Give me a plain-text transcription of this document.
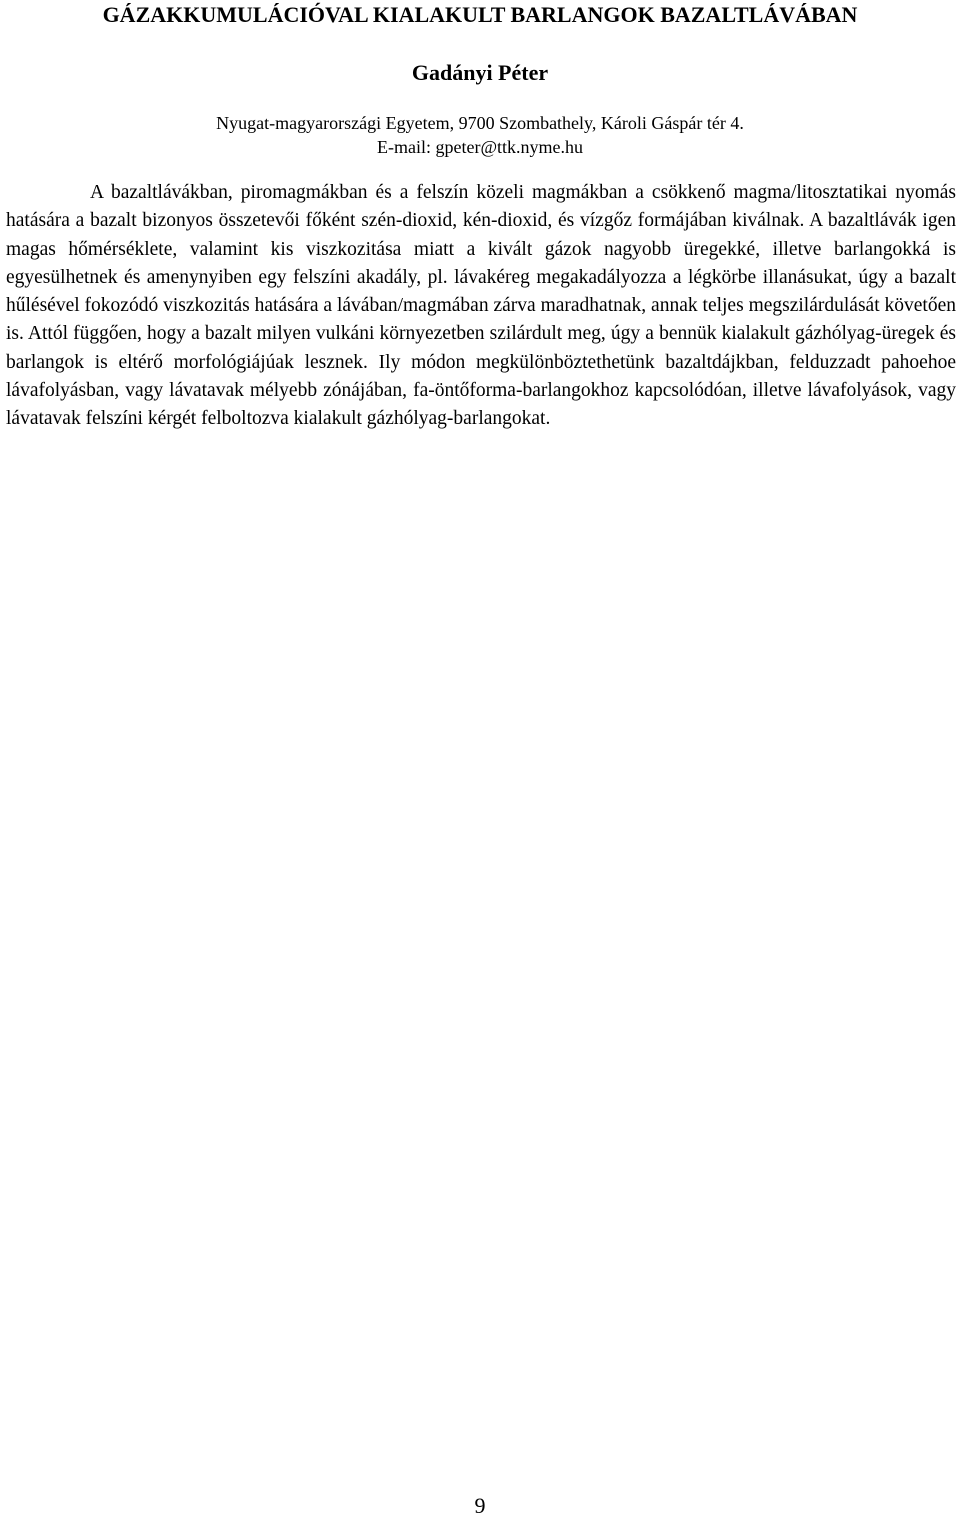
GÁZAKKUMULÁCIÓVAL KIALAKULT BARLANGOK BAZALTLÁVÁBAN
Gadányi Péter

Nyugat-magyarországi Egyetem, 9700 Szombathely, Károli Gáspár tér 4.

E-mail: gpeter@ttk.nyme.hu

A bazaltlávákban, piromagmákban és a felszín közeli magmákban a csökkenő magma/litosztatikai nyomás hatására a bazalt bizonyos összetevői főként szén-dioxid, kén-dioxid, és vízgőz formájában kiválnak. A bazaltlávák igen magas hőmérséklete, valamint kis viszkozitása miatt a kivált gázok nagyobb üregekké, illetve barlangokká is egyesülhetnek és amenynyiben egy felszíni akadály, pl. lávakéreg megakadályozza a légkörbe illanásukat, úgy a bazalt hűlésével fokozódó viszkozitás hatására a lávában/magmában zárva maradhatnak, annak teljes megszilárdulását követően is. Attól függően, hogy a bazalt milyen vulkáni környezetben szilárdult meg, úgy a bennük kialakult gázhólyag-üregek és barlangok is eltérő morfológiájúak lesznek. Ily módon megkülönböztethetünk bazaltdájkban, felduzzadt pahoehoe lávafolyásban, vagy lávatavak mélyebb zónájában, fa-öntőforma-barlangokhoz kapcsolódóan, illetve lávafolyások, vagy lávatavak felszíni kérgét felboltozva kialakult gázhólyag-barlangokat.

9
